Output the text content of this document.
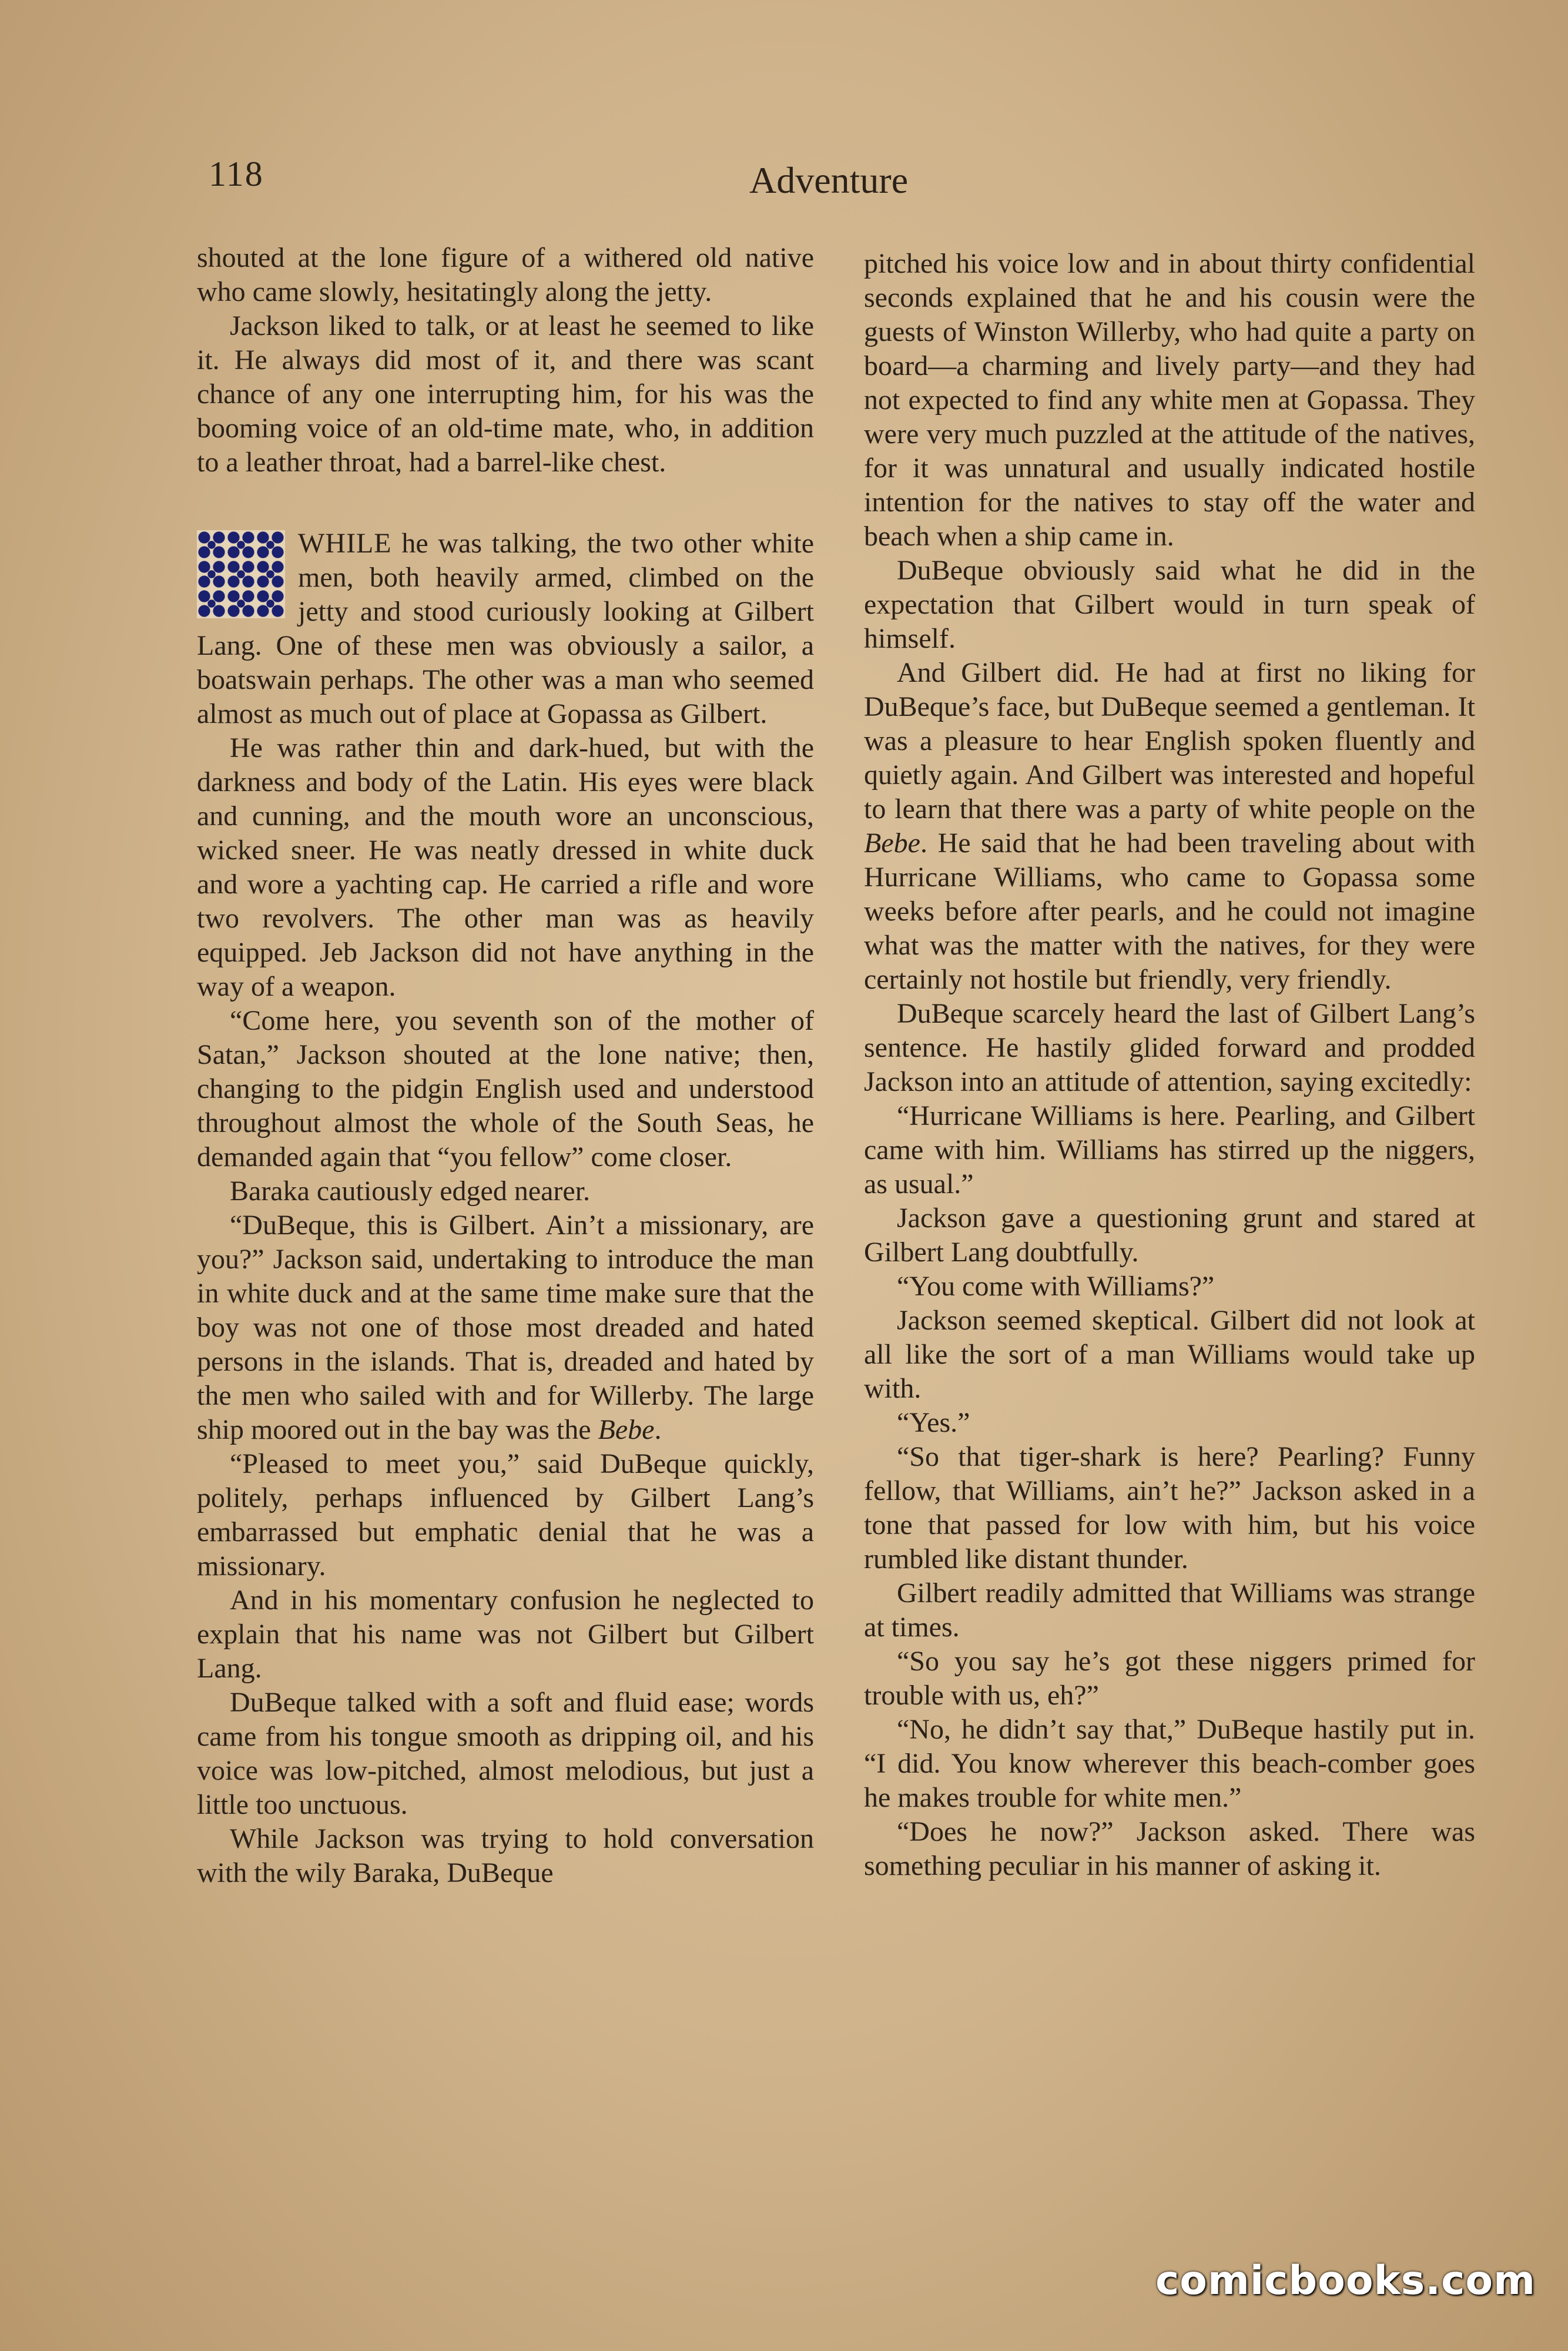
118	Adventure

shouted at the lone figure of a withered old native who came slowly, hesitatingly along the jetty.

Jackson liked to talk, or at least he seemed to like it. He always did most of it, and there was scant chance of any one interrupting him, for his was the booming voice of an old-time mate, who, in addition to a leather throat, had a barrel-like chest.

WHILE he was talking, the two other white men, both heavily armed, climbed on the jetty and stood curiously looking at Gilbert Lang. One of these men was obviously a sailor, a boatswain perhaps. The other was a man who seemed almost as much out of place at Gopassa as Gilbert.

He was rather thin and dark-hued, but with the darkness and body of the Latin. His eyes were black and cunning, and the mouth wore an unconscious, wicked sneer. He was neatly dressed in white duck and wore a yachting cap. He carried a rifle and wore two revolvers. The other man was as heavily equipped. Jeb Jackson did not have anything in the way of a weapon.

“Come here, you seventh son of the mother of Satan,” Jackson shouted at the lone native; then, changing to the pidgin English used and understood throughout almost the whole of the South Seas, he demanded again that “you fellow” come closer.

Baraka cautiously edged nearer.

“DuBeque, this is Gilbert. Ain’t a missionary, are you?” Jackson said, undertaking to introduce the man in white duck and at the same time make sure that the boy was not one of those most dreaded and hated persons in the islands. That is, dreaded and hated by the men who sailed with and for Willerby. The large ship moored out in the bay was the Bebe.

“Pleased to meet you,” said DuBeque quickly, politely, perhaps influenced by Gilbert Lang’s embarrassed but emphatic denial that he was a missionary.

And in his momentary confusion he neglected to explain that his name was not Gilbert but Gilbert Lang.

DuBeque talked with a soft and fluid ease; words came from his tongue smooth as dripping oil, and his voice was low-pitched, almost melodious, but just a little too unctuous.

While Jackson was trying to hold conversation with the wily Baraka, DuBeque

pitched his voice low and in about thirty confidential seconds explained that he and his cousin were the guests of Winston Willerby, who had quite a party on board—a charming and lively party—and they had not expected to find any white men at Gopassa. They were very much puzzled at the attitude of the natives, for it was unnatural and usually indicated hostile intention for the natives to stay off the water and beach when a ship came in.

DuBeque obviously said what he did in the expectation that Gilbert would in turn speak of himself.

And Gilbert did. He had at first no liking for DuBeque’s face, but DuBeque seemed a gentleman. It was a pleasure to hear English spoken fluently and quietly again. And Gilbert was interested and hopeful to learn that there was a party of white people on the Bebe. He said that he had been traveling about with Hurricane Williams, who came to Gopassa some weeks before after pearls, and he could not imagine what was the matter with the natives, for they were certainly not hostile but friendly, very friendly.

DuBeque scarcely heard the last of Gilbert Lang’s sentence. He hastily glided forward and prodded Jackson into an attitude of attention, saying excitedly:

“Hurricane Williams is here. Pearling, and Gilbert came with him. Williams has stirred up the niggers, as usual.”

Jackson gave a questioning grunt and stared at Gilbert Lang doubtfully.

“You come with Williams?”

Jackson seemed skeptical. Gilbert did not look at all like the sort of a man Williams would take up with.

“Yes.”

“So that tiger-shark is here? Pearling? Funny fellow, that Williams, ain’t he?” Jackson asked in a tone that passed for low with him, but his voice rumbled like distant thunder.

Gilbert readily admitted that Williams was strange at times.

“So you say he’s got these niggers primed for trouble with us, eh?”

“No, he didn’t say that,” DuBeque hastily put in. “I did. You know wherever this beach-comber goes he makes trouble for white men.”

“Does he now?” Jackson asked. There was something peculiar in his manner of asking it.

comicbooks.com
